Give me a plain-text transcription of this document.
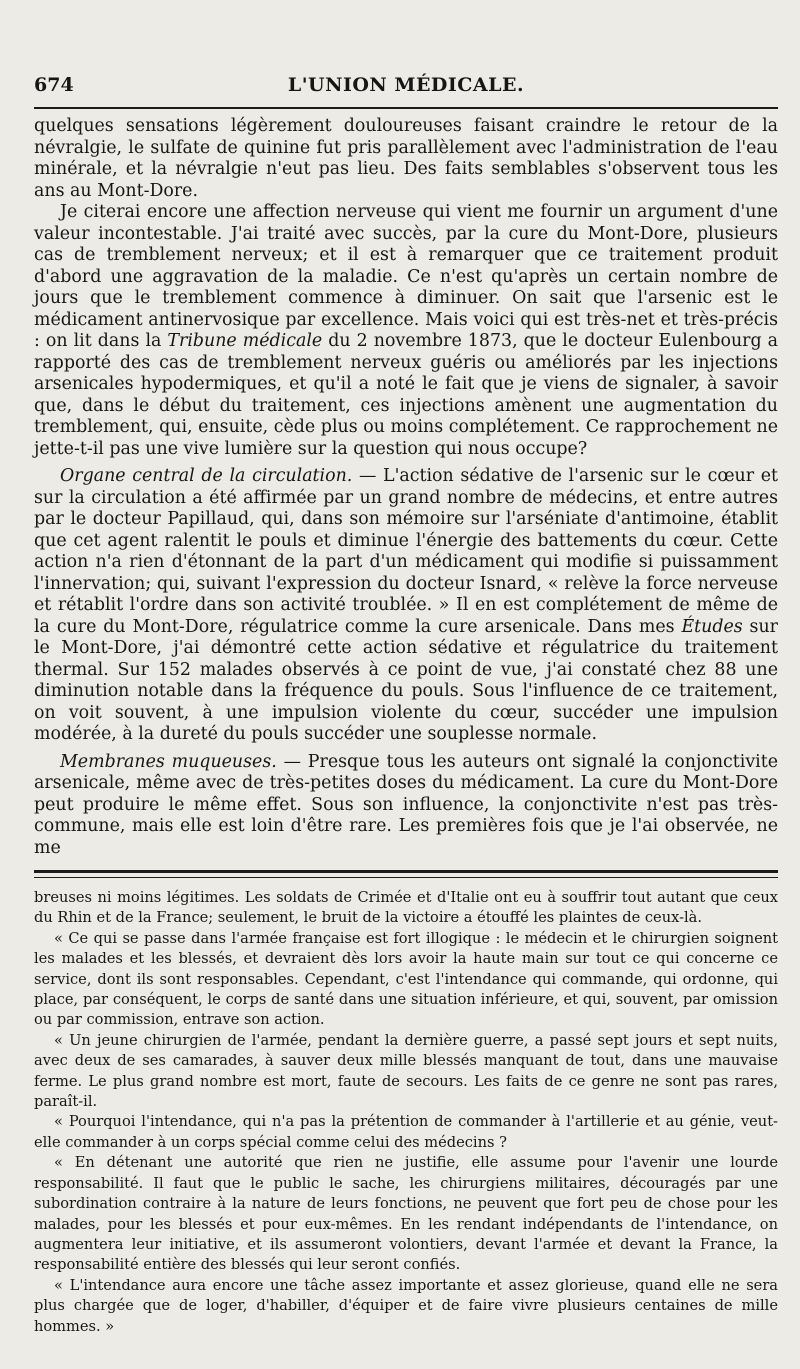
674	L'UNION MÉDICALE.

quelques sensations légèrement douloureuses faisant craindre le retour de la névralgie, le sulfate de quinine fut pris parallèlement avec l'administration de l'eau minérale, et la névralgie n'eut pas lieu. Des faits semblables s'observent tous les ans au Mont-Dore.

Je citerai encore une affection nerveuse qui vient me fournir un argument d'une valeur incontestable. J'ai traité avec succès, par la cure du Mont-Dore, plusieurs cas de tremblement nerveux; et il est à remarquer que ce traitement produit d'abord une aggravation de la maladie. Ce n'est qu'après un certain nombre de jours que le tremblement commence à diminuer. On sait que l'arsenic est le médicament antinervosique par excellence. Mais voici qui est très-net et très-précis : on lit dans la Tribune médicale du 2 novembre 1873, que le docteur Eulenbourg a rapporté des cas de tremblement nerveux guéris ou améliorés par les injections arsenicales hypodermiques, et qu'il a noté le fait que je viens de signaler, à savoir que, dans le début du traitement, ces injections amènent une augmentation du tremblement, qui, ensuite, cède plus ou moins complétement. Ce rapprochement ne jette-t-il pas une vive lumière sur la question qui nous occupe?

Organe central de la circulation. — L'action sédative de l'arsenic sur le cœur et sur la circulation a été affirmée par un grand nombre de médecins, et entre autres par le docteur Papillaud, qui, dans son mémoire sur l'arséniate d'antimoine, établit que cet agent ralentit le pouls et diminue l'énergie des battements du cœur. Cette action n'a rien d'étonnant de la part d'un médicament qui modifie si puissamment l'innervation; qui, suivant l'expression du docteur Isnard, « relève la force nerveuse et rétablit l'ordre dans son activité troublée. » Il en est complétement de même de la cure du Mont-Dore, régulatrice comme la cure arsenicale. Dans mes Études sur le Mont-Dore, j'ai démontré cette action sédative et régulatrice du traitement thermal. Sur 152 malades observés à ce point de vue, j'ai constaté chez 88 une diminution notable dans la fréquence du pouls. Sous l'influence de ce traitement, on voit souvent, à une impulsion violente du cœur, succéder une impulsion modérée, à la dureté du pouls succéder une souplesse normale.

Membranes muqueuses. — Presque tous les auteurs ont signalé la conjonctivite arsenicale, même avec de très-petites doses du médicament. La cure du Mont-Dore peut produire le même effet. Sous son influence, la conjonctivite n'est pas très-commune, mais elle est loin d'être rare. Les premières fois que je l'ai observée, ne me

breuses ni moins légitimes. Les soldats de Crimée et d'Italie ont eu à souffrir tout autant que ceux du Rhin et de la France; seulement, le bruit de la victoire a étouffé les plaintes de ceux-là.

« Ce qui se passe dans l'armée française est fort illogique : le médecin et le chirurgien soignent les malades et les blessés, et devraient dès lors avoir la haute main sur tout ce qui concerne ce service, dont ils sont responsables. Cependant, c'est l'intendance qui commande, qui ordonne, qui place, par conséquent, le corps de santé dans une situation inférieure, et qui, souvent, par omission ou par commission, entrave son action.

« Un jeune chirurgien de l'armée, pendant la dernière guerre, a passé sept jours et sept nuits, avec deux de ses camarades, à sauver deux mille blessés manquant de tout, dans une mauvaise ferme. Le plus grand nombre est mort, faute de secours. Les faits de ce genre ne sont pas rares, paraît-il.

« Pourquoi l'intendance, qui n'a pas la prétention de commander à l'artillerie et au génie, veut-elle commander à un corps spécial comme celui des médecins ?

« En détenant une autorité que rien ne justifie, elle assume pour l'avenir une lourde responsabilité. Il faut que le public le sache, les chirurgiens militaires, découragés par une subordination contraire à la nature de leurs fonctions, ne peuvent que fort peu de chose pour les malades, pour les blessés et pour eux-mêmes. En les rendant indépendants de l'intendance, on augmentera leur initiative, et ils assumeront volontiers, devant l'armée et devant la France, la responsabilité entière des blessés qui leur seront confiés.

« L'intendance aura encore une tâche assez importante et assez glorieuse, quand elle ne sera plus chargée que de loger, d'habiller, d'équiper et de faire vivre plusieurs centaines de mille hommes. »
